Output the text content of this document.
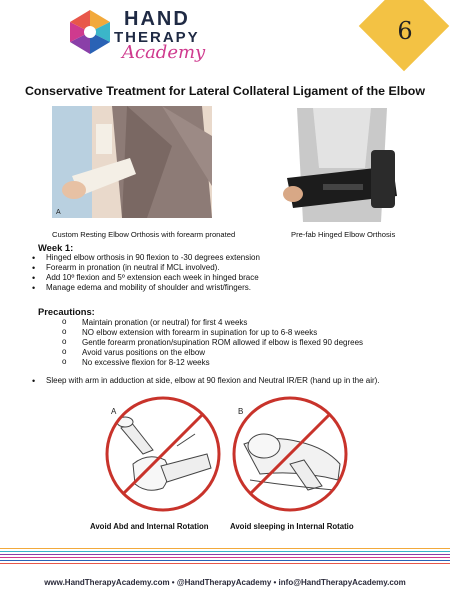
HAND
THERAPY
Academy
6
Conservative Treatment for Lateral Collateral Ligament of the Elbow
A
Custom Resting Elbow Orthosis with forearm pronated	Pre-fab Hinged Elbow Orthosis
Week 1:
• Hinged elbow orthosis in 90 flexion to -30 degrees extension
• Forearm in pronation (in neutral if MCL involved).
• Add 10º flexion and 5º extension each week in hinged brace
• Manage edema and mobility of shoulder and wrist/fingers.
Precautions:
o Maintain pronation (or neutral) for first 4 weeks
o NO elbow extension with forearm in supination for up to 6-8 weeks
o Gentle forearm pronation/supination ROM allowed if elbow is flexed 90 degrees
o Avoid varus positions on the elbow
o No excessive flexion for 8-12 weeks
• Sleep with arm in adduction at side, elbow at 90 flexion and Neutral IR/ER (hand up in the air).
A	B
Avoid Abd and Internal Rotation	Avoid sleeping in Internal Rotatio
www.HandTherapyAcademy.com • @HandTherapyAcademy • info@HandTherapyAcademy.com
